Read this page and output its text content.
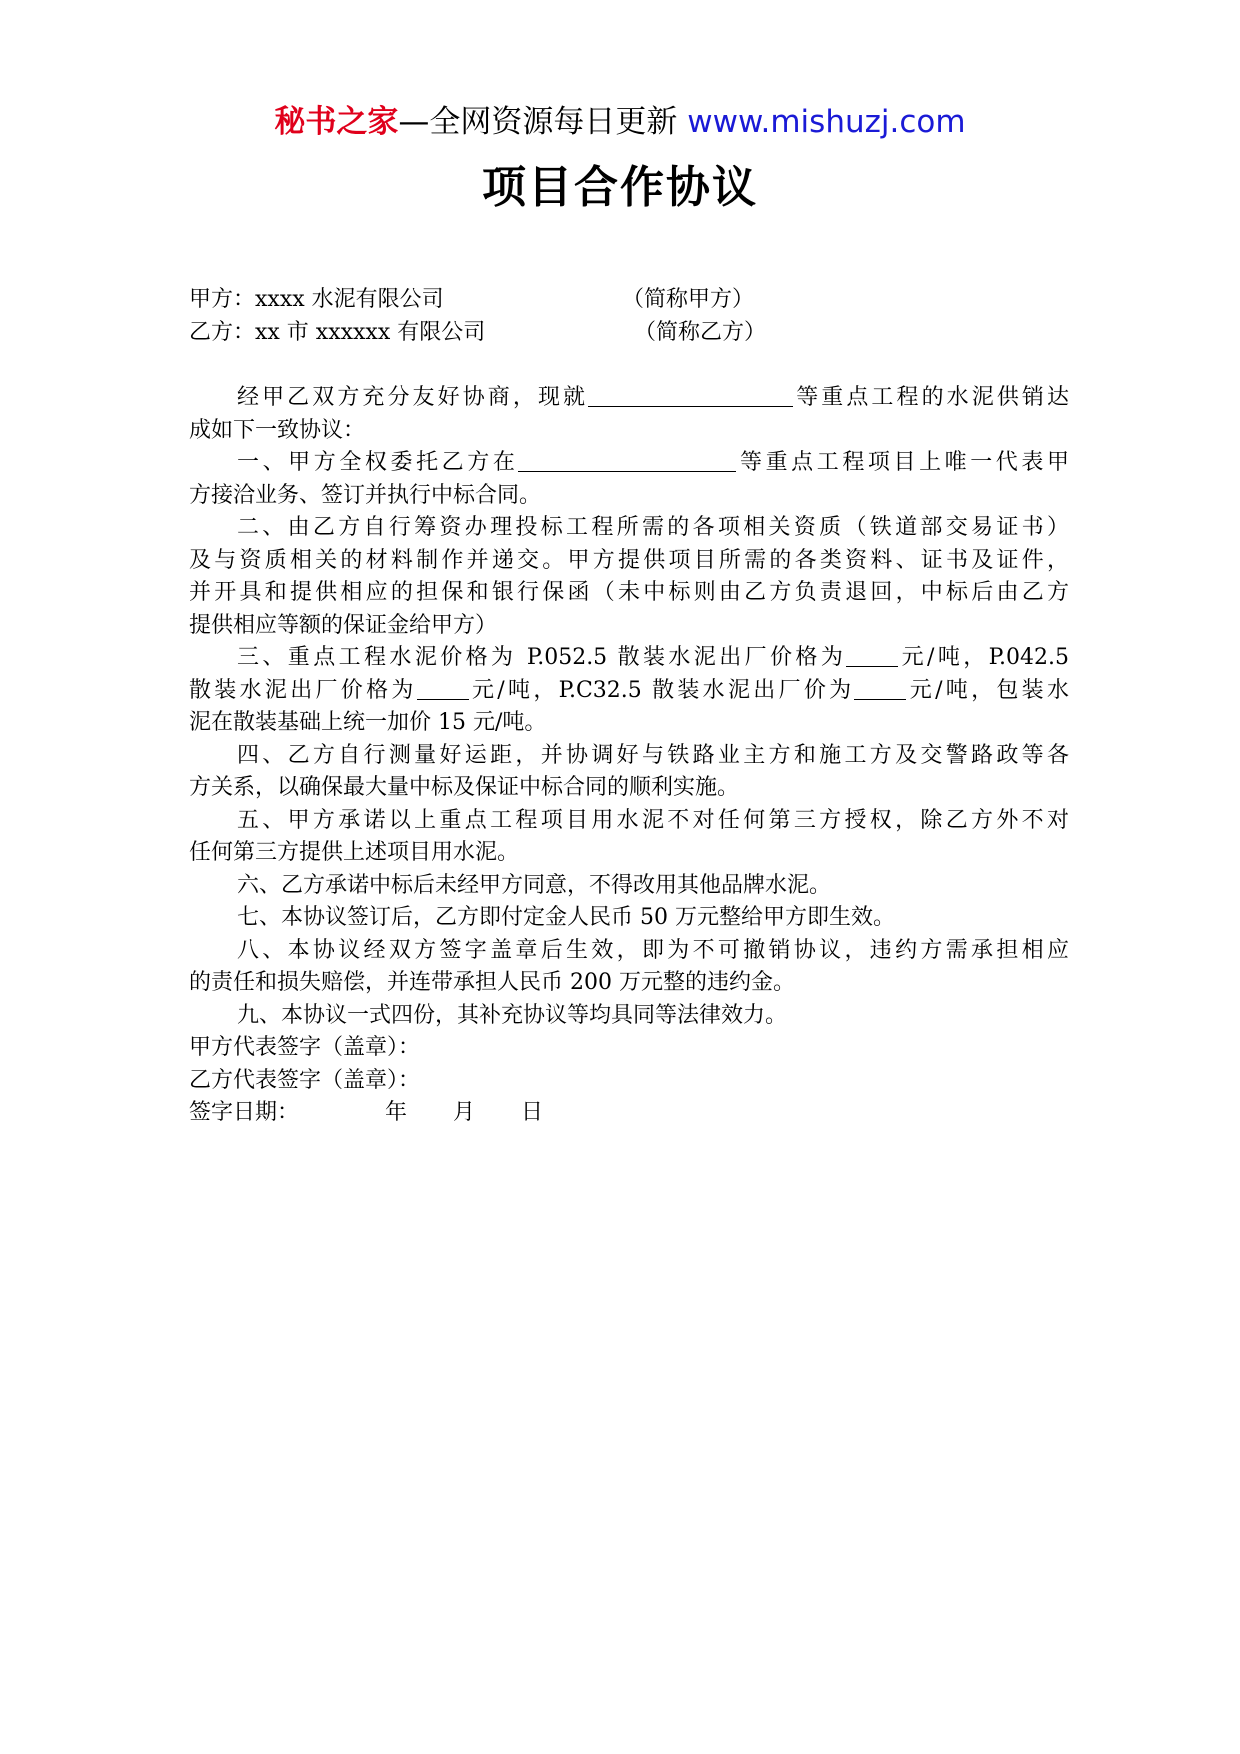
秘书之家—全网资源每日更新 www.mishuzj.com
项目合作协议
甲方：xxxx 水泥有限公司	（简称甲方）
乙方：xx 市 xxxxxx 有限公司	（简称乙方）
经甲乙双方充分友好协商，现就	等重点工程的水泥供销达
成如下一致协议：
一、甲方全权委托乙方在	等重点工程项目上唯一代表甲
方接洽业务、签订并执行中标合同。
二、由乙方自行筹资办理投标工程所需的各项相关资质（铁道部交易证书）
及与资质相关的材料制作并递交。甲方提供项目所需的各类资料、证书及证件，
并开具和提供相应的担保和银行保函（未中标则由乙方负责退回，中标后由乙方
提供相应等额的保证金给甲方）
三、重点工程水泥价格为 P.052.5 散装水泥出厂价格为 元/吨，P.042.5
散装水泥出厂价格为 元/吨，P.C32.5 散装水泥出厂价为 元/吨，包装水
泥在散装基础上统一加价 15 元/吨。
四、乙方自行测量好运距，并协调好与铁路业主方和施工方及交警路政等各
方关系，以确保最大量中标及保证中标合同的顺利实施。
五、甲方承诺以上重点工程项目用水泥不对任何第三方授权，除乙方外不对
任何第三方提供上述项目用水泥。
六、乙方承诺中标后未经甲方同意，不得改用其他品牌水泥。
七、本协议签订后，乙方即付定金人民币 50 万元整给甲方即生效。
八、本协议经双方签字盖章后生效，即为不可撤销协议，违约方需承担相应
的责任和损失赔偿，并连带承担人民币 200 万元整的违约金。
九、本协议一式四份，其补充协议等均具同等法律效力。
甲方代表签字（盖章）：
乙方代表签字（盖章）：
签字日期：	年 月 日
